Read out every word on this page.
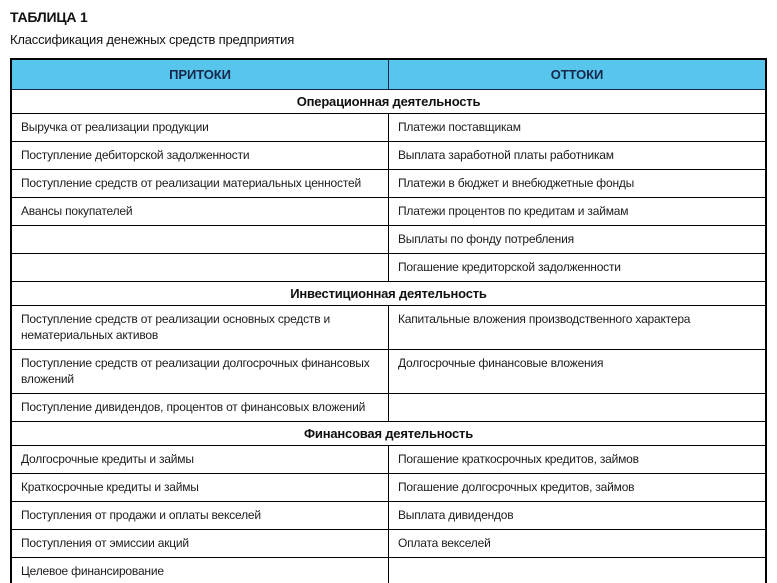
ТАБЛИЦА 1
Классификация денежных средств предприятия
ПРИТОКИ	ОТТОКИ
Операционная деятельность	
Выручка от реализации продукции	Платежи поставщикам
Поступление дебиторской задолженности	Выплата заработной платы работникам
Поступление средств от реализации материальных ценностей	Платежи в бюджет и внебюджетные фонды
Авансы покупателей	Платежи процентов по кредитам и займам
	Выплаты по фонду потребления
	Погашение кредиторской задолженности
Инвестиционная деятельность	
Поступление средств от реализации основных средств и нематериальных активов	Капитальные вложения производственного характера
Поступление средств от реализации долгосрочных финансовых вложений	Долгосрочные финансовые вложения
Поступление дивидендов, процентов от финансовых вложений	
Финансовая деятельность	
Долгосрочные кредиты и займы	Погашение краткосрочных кредитов, займов
Краткосрочные кредиты и займы	Погашение долгосрочных кредитов, займов
Поступления от продажи и оплаты векселей	Выплата дивидендов
Поступления от эмиссии акций	Оплата векселей
Целевое финансирование	
